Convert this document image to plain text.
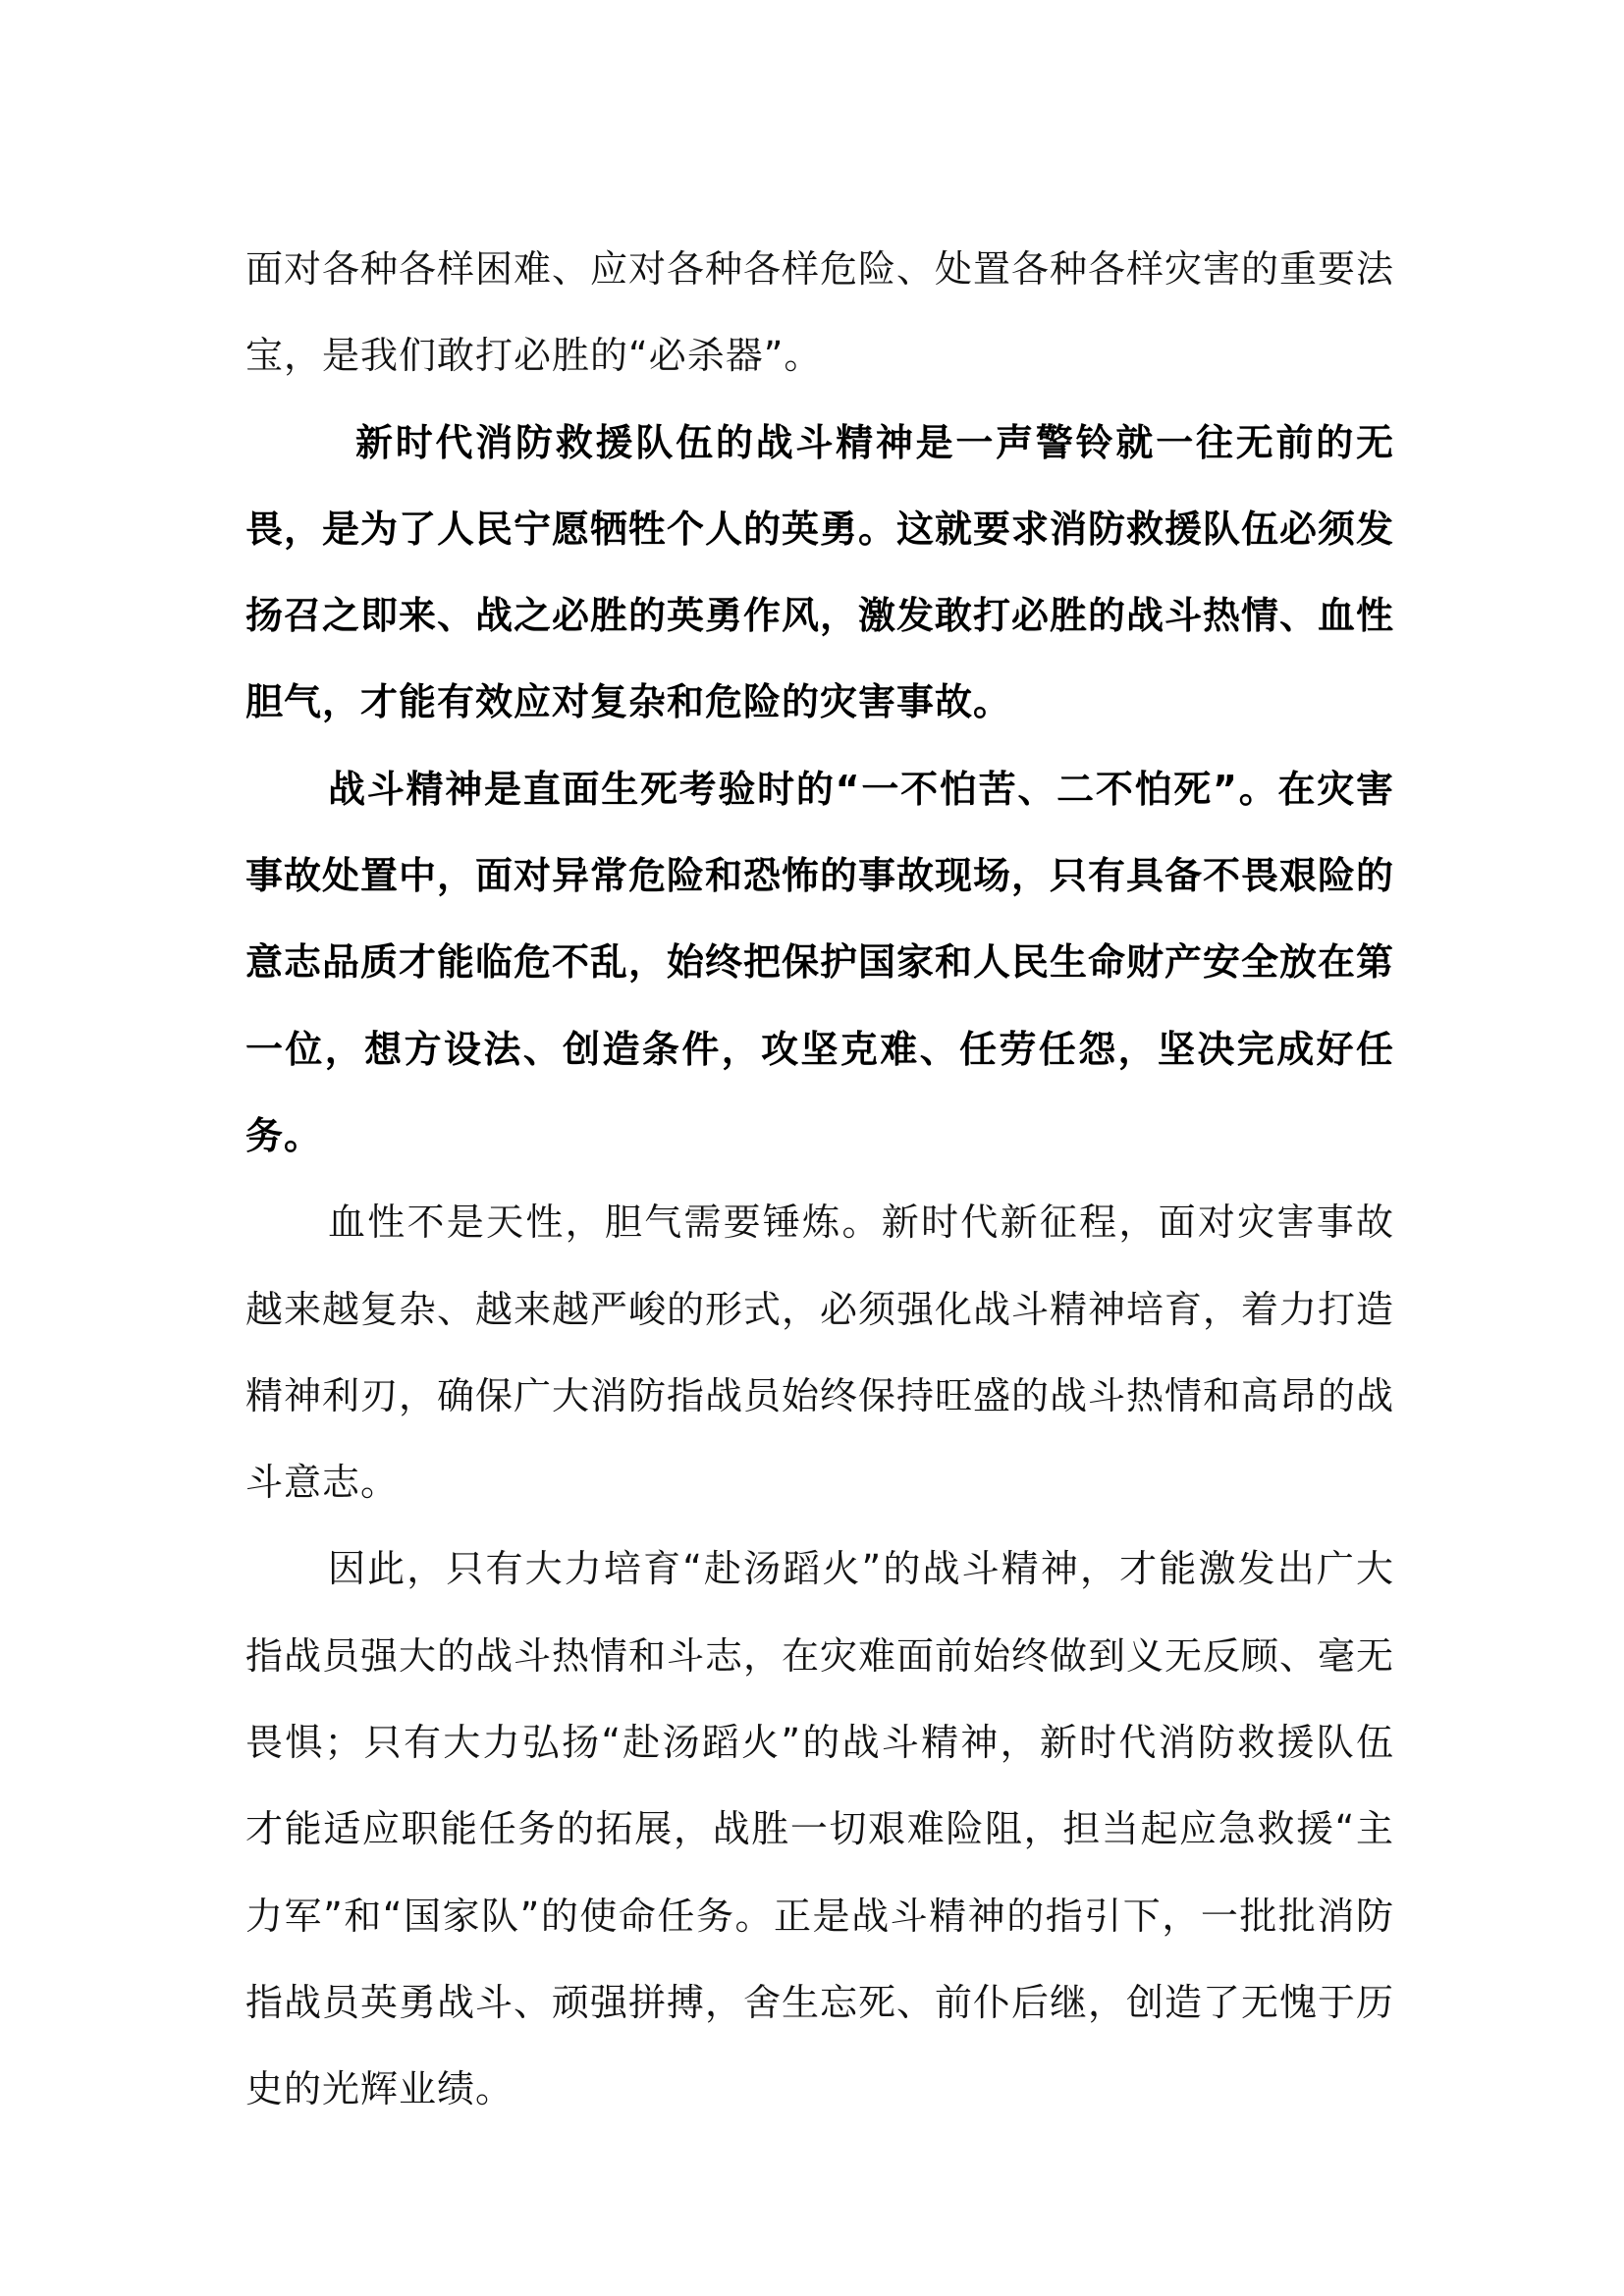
面对各种各样困难、应对各种各样危险、处置各种各样灾害的重要法宝，是我们敢打必胜的“必杀器”。

新时代消防救援队伍的战斗精神是一声警铃就一往无前的无畏，是为了人民宁愿牺牲个人的英勇。这就要求消防救援队伍必须发扬召之即来、战之必胜的英勇作风，激发敢打必胜的战斗热情、血性胆气，才能有效应对复杂和危险的灾害事故。

战斗精神是直面生死考验时的“一不怕苦、二不怕死”。在灾害事故处置中，面对异常危险和恐怖的事故现场，只有具备不畏艰险的意志品质才能临危不乱，始终把保护国家和人民生命财产安全放在第一位，想方设法、创造条件，攻坚克难、任劳任怨，坚决完成好任务。

血性不是天性，胆气需要锤炼。新时代新征程，面对灾害事故越来越复杂、越来越严峻的形式，必须强化战斗精神培育，着力打造精神利刃，确保广大消防指战员始终保持旺盛的战斗热情和高昂的战斗意志。

因此，只有大力培育“赴汤蹈火”的战斗精神，才能激发出广大指战员强大的战斗热情和斗志，在灾难面前始终做到义无反顾、毫无畏惧；只有大力弘扬“赴汤蹈火”的战斗精神，新时代消防救援队伍才能适应职能任务的拓展，战胜一切艰难险阻，担当起应急救援“主力军”和“国家队”的使命任务。正是战斗精神的指引下，一批批消防指战员英勇战斗、顽强拼搏，舍生忘死、前仆后继，创造了无愧于历史的光辉业绩。
